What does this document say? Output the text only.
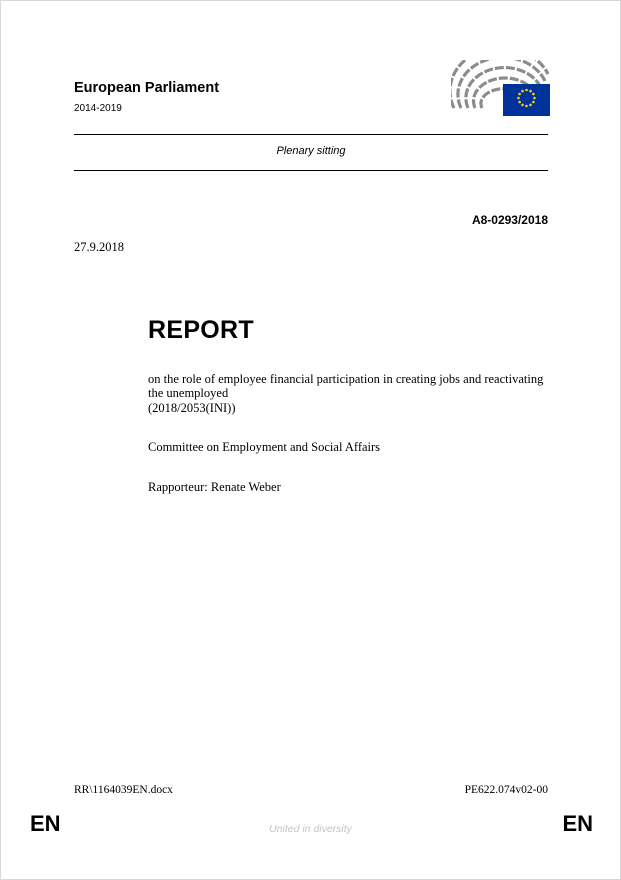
European Parliament
2014-2019
Plenary sitting
A8-0293/2018
27.9.2018
REPORT
on the role of employee financial participation in creating jobs and reactivating the unemployed
(2018/2053(INI))
Committee on Employment and Social Affairs
Rapporteur: Renate Weber
RR\1164039EN.docx	PE622.074v02-00
EN	United in diversity	EN
